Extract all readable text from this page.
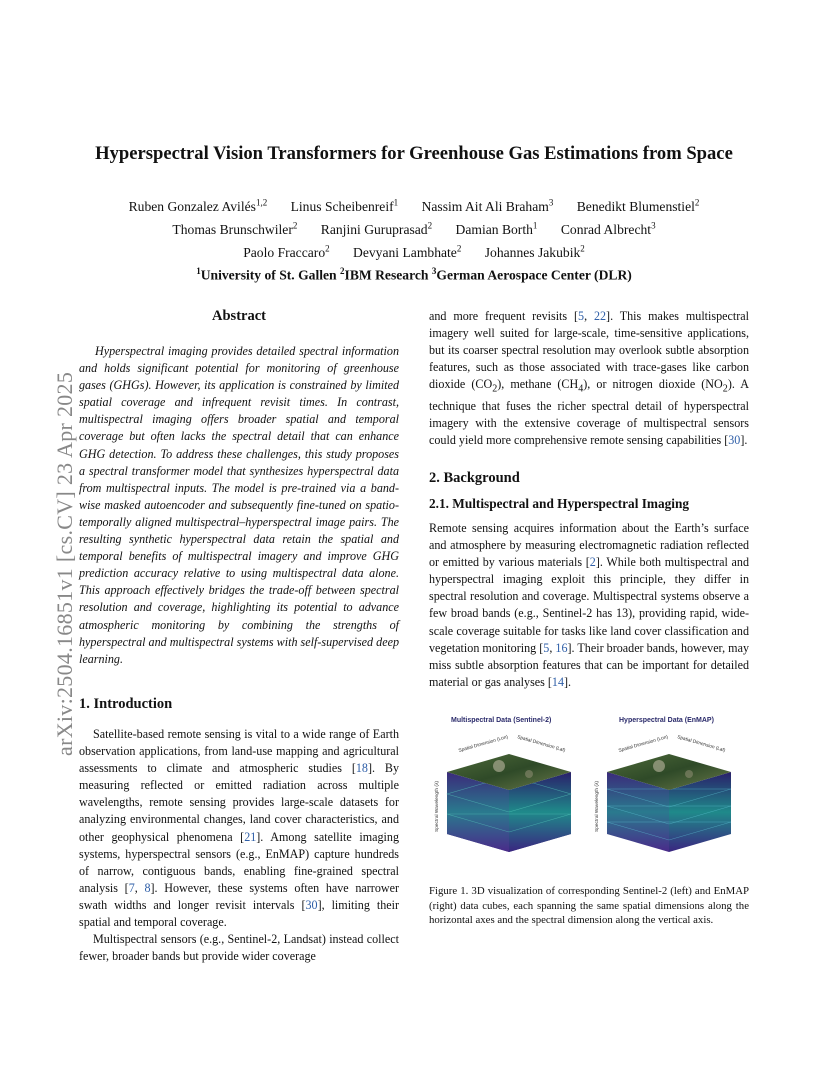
arXiv:2504.16851v1 [cs.CV] 23 Apr 2025
Hyperspectral Vision Transformers for Greenhouse Gas Estimations from Space
Ruben Gonzalez Avilés$^{1,2}$ Linus Scheibenreif$^1$ Nassim Ait Ali Braham$^3$ Benedikt Blumenstiel$^2$
Thomas Brunschwiler$^2$ Ranjini Guruprasad$^2$ Damian Borth$^1$ Conrad Albrecht$^3$
Paolo Fraccaro$^2$ Devyani Lambhate$^2$ Johannes Jakubik$^2$
$^1$University of St. Gallen $^2$IBM Research $^3$German Aerospace Center (DLR)
Abstract
Hyperspectral imaging provides detailed spectral information and holds significant potential for monitoring of greenhouse gases (GHGs). However, its application is constrained by limited spatial coverage and infrequent revisit times. In contrast, multispectral imaging offers broader spatial and temporal coverage but often lacks the spectral detail that can enhance GHG detection. To address these challenges, this study proposes a spectral transformer model that synthesizes hyperspectral data from multispectral inputs. The model is pre-trained via a band-wise masked autoencoder and subsequently fine-tuned on spatio-temporally aligned multispectral–hyperspectral image pairs. The resulting synthetic hyperspectral data retain the spatial and temporal benefits of multispectral imagery and improve GHG prediction accuracy relative to using multispectral data alone. This approach effectively bridges the trade-off between spectral resolution and coverage, highlighting its potential to advance atmospheric monitoring by combining the strengths of hyperspectral and multispectral systems with self-supervised deep learning.
1. Introduction

Satellite-based remote sensing is vital to a wide range of Earth observation applications, from land-use mapping and agricultural assessments to climate and atmospheric studies [18]. By measuring reflected or emitted radiation across multiple wavelengths, remote sensing provides large-scale datasets for analyzing environmental changes, land cover characteristics, and other geophysical phenomena [21]. Among satellite imaging systems, hyperspectral sensors (e.g., EnMAP) capture hundreds of narrow, contiguous bands, enabling fine-grained spectral analysis [7, 8]. However, these systems often have narrower swath widths and longer revisit intervals [30], limiting their spatial and temporal coverage.

Multispectral sensors (e.g., Sentinel-2, Landsat) instead collect fewer, broader bands but provide wider coverage

and more frequent revisits [5, 22]. This makes multispectral imagery well suited for large-scale, time-sensitive applications, but its coarser spectral resolution may overlook subtle absorption features, such as those associated with trace-gases like carbon dioxide $(CO_2)$, methane $(CH_4)$, or nitrogen dioxide $(NO_2)$. A technique that fuses the richer spectral detail of hyperspectral imagery with the extensive coverage of multispectral sensors could yield more comprehensive remote sensing capabilities [30].

2. Background
2.1. Multispectral and Hyperspectral Imaging

Remote sensing acquires information about the Earth’s surface and atmosphere by measuring electromagnetic radiation reflected or emitted by various materials [2]. While both multispectral and hyperspectral imaging exploit this principle, they differ in spectral resolution and coverage. Multispectral systems observe a few broad bands (e.g., Sentinel-2 has 13), providing rapid, wide-scale coverage suitable for tasks like land cover classification and vegetation monitoring [5, 16]. Their broader bands, however, may miss subtle absorption features that can be important for detailed material or gas analyses [14].

Multispectral Data (Sentinel-2)
Spatial Dimension (Lon) Spatial Dimension (Lat)
Spectral Wavelength (λ)
Hyperspectral Data (EnMAP)
Spatial Dimension (Lon) Spatial Dimension (Lat)
Spectral Wavelength (λ)
Figure 1. 3D visualization of corresponding Sentinel-2 (left) and EnMAP (right) data cubes, each spanning the same spatial dimensions along the horizontal axes and the spectral dimension along the vertical axis.
